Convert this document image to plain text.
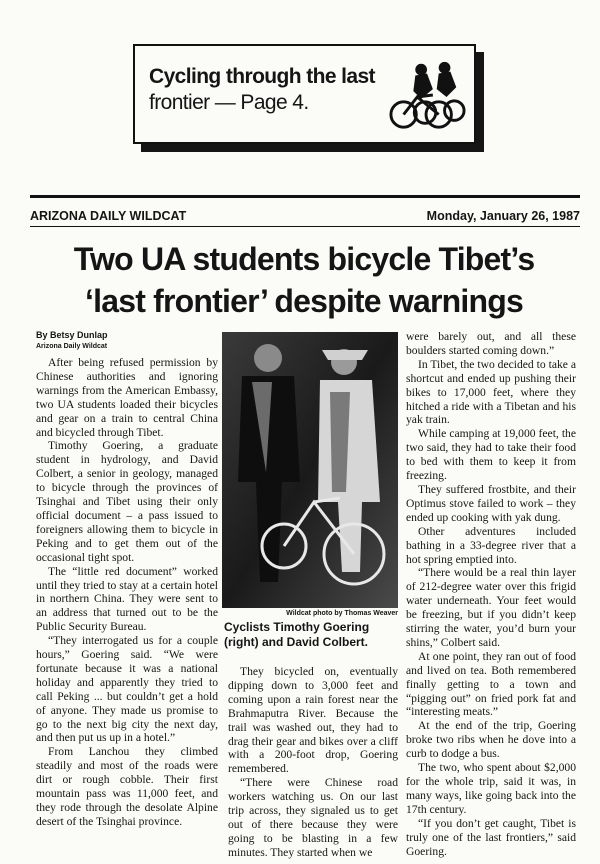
Cycling through the last
frontier — Page 4.
ARIZONA DAILY WILDCAT	Monday, January 26, 1987
Two UA students bicycle Tibet’s
‘last frontier’ despite warnings
By Betsy Dunlap
Arizona Daily Wildcat

After being refused permission by Chinese authorities and ignoring warnings from the American Embassy, two UA students loaded their bicycles and gear on a train to central China and bicycled through Tibet.

Timothy Goering, a graduate student in hydrology, and David Colbert, a senior in geology, managed to bicycle through the provinces of Tsinghai and Tibet using their only official document – a pass issued to foreigners allowing them to bicycle in Peking and to get them out of the occasional tight spot.

The “little red document” worked until they tried to stay at a certain hotel in northern China. They were sent to an address that turned out to be the Public Security Bureau.

“They interrogated us for a couple hours,” Goering said. “We were fortunate because it was a national holiday and apparently they tried to call Peking ... but couldn’t get a hold of anyone. They made us promise to go to the next big city the next day, and then put us up in a hotel.”

From Lanchou they climbed steadily and most of the roads were dirt or rough cobble. Their first mountain pass was 11,000 feet, and they rode through the desolate Alpine desert of the Tsinghai province.

Wildcat photo by Thomas Weaver
Cyclists Timothy Goering (right) and David Colbert.

They bicycled on, eventually dipping down to 3,000 feet and coming upon a rain forest near the Brahmaputra River. Because the trail was washed out, they had to drag their gear and bikes over a cliff with a 200-foot drop, Goering remembered.

“There were Chinese road workers watching us. On our last trip across, they signaled us to get out of there because they were going to be blasting in a few minutes. They started when we

were barely out, and all these boulders started coming down.”

In Tibet, the two decided to take a shortcut and ended up pushing their bikes to 17,000 feet, where they hitched a ride with a Tibetan and his yak train.

While camping at 19,000 feet, the two said, they had to take their food to bed with them to keep it from freezing.

They suffered frostbite, and their Optimus stove failed to work – they ended up cooking with yak dung.

Other adventures included bathing in a 33-degree river that a hot spring emptied into.

“There would be a real thin layer of 212-degree water over this frigid water underneath. Your feet would be freezing, but if you didn’t keep stirring the water, you’d burn your shins,” Colbert said.

At one point, they ran out of food and lived on tea. Both remembered finally getting to a town and “pigging out” on fried pork fat and “interesting meats.”

At the end of the trip, Goering broke two ribs when he dove into a curb to dodge a bus.

The two, who spent about $2,000 for the whole trip, said it was, in many ways, like going back into the 17th century.

“If you don’t get caught, Tibet is truly one of the last frontiers,” said Goering.
